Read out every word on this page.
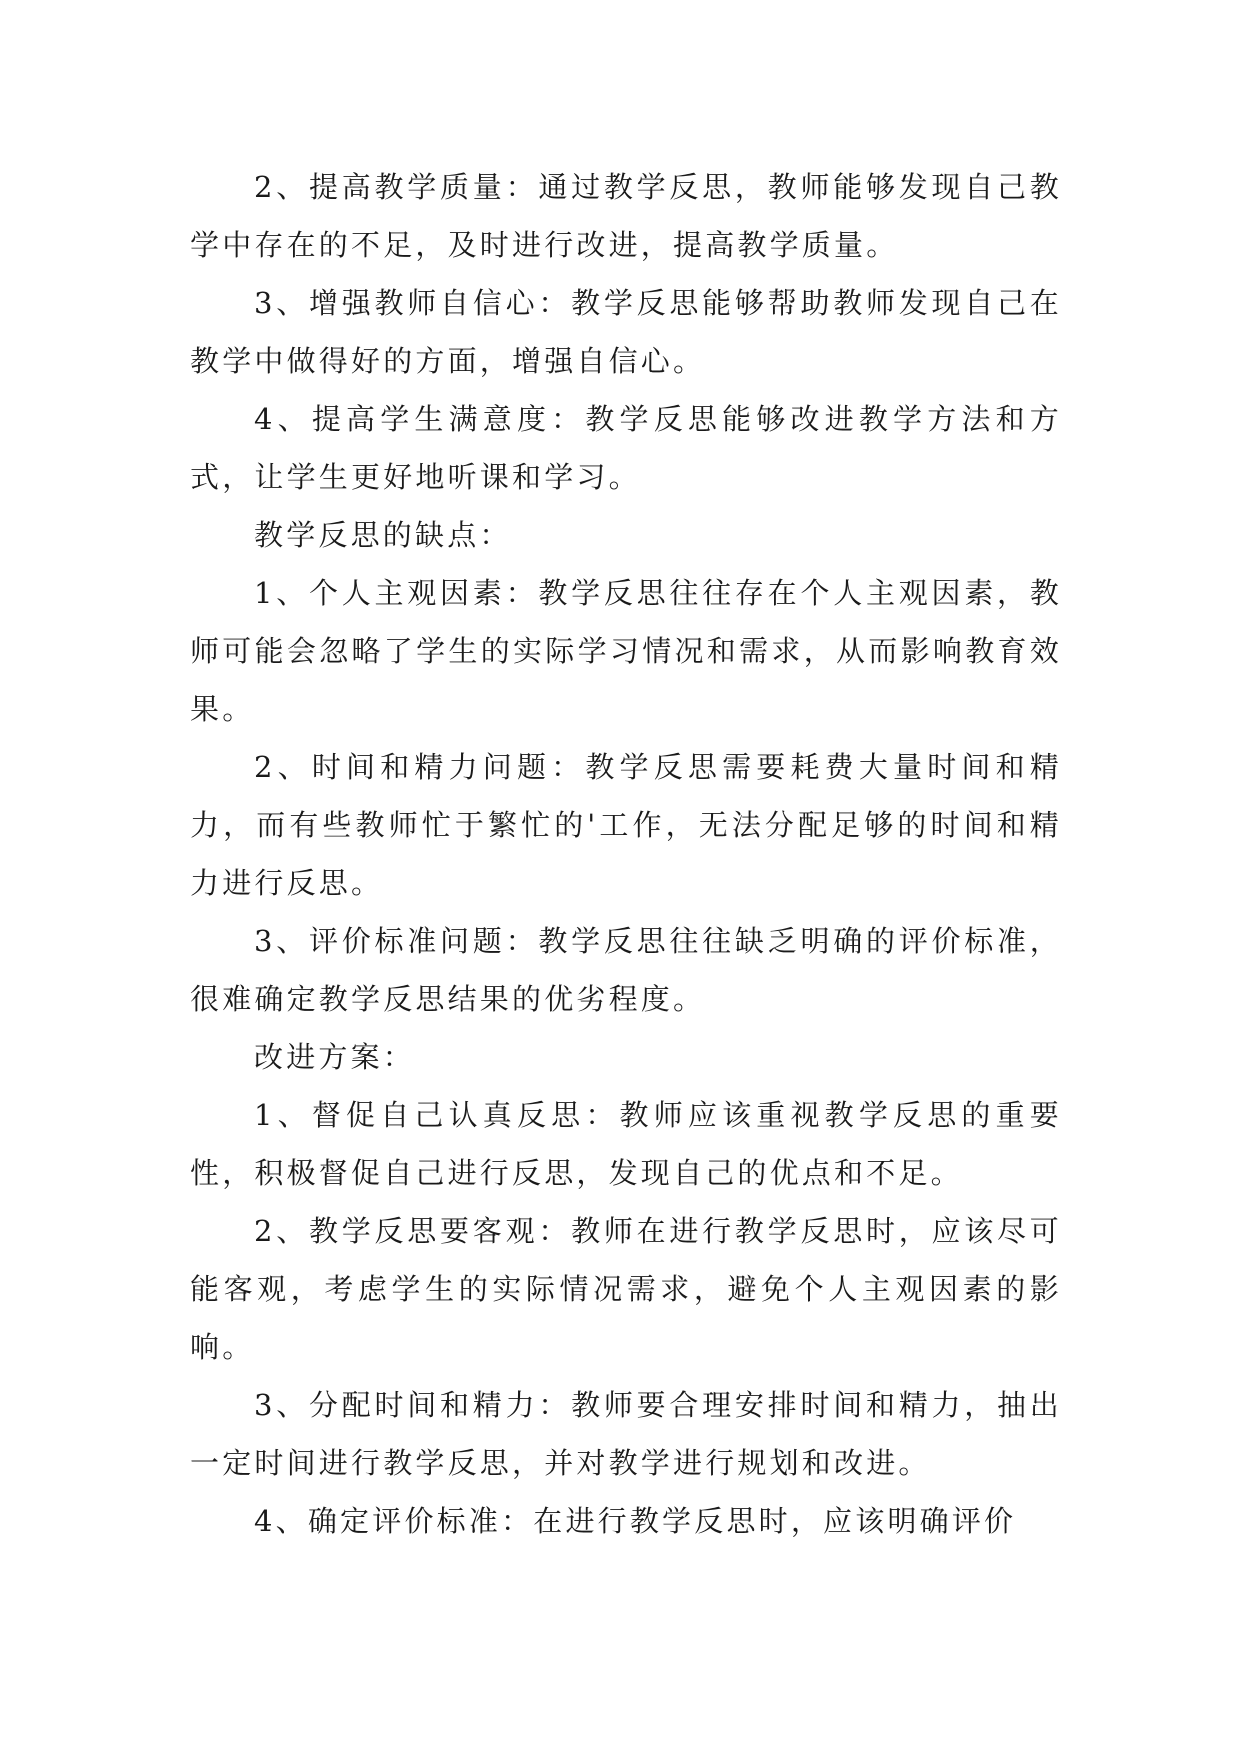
2、提高教学质量：通过教学反思，教师能够发现自己教学中存在的不足，及时进行改进，提高教学质量。

3、增强教师自信心：教学反思能够帮助教师发现自己在教学中做得好的方面，增强自信心。

4、提高学生满意度：教学反思能够改进教学方法和方式，让学生更好地听课和学习。

教学反思的缺点：

1、个人主观因素：教学反思往往存在个人主观因素，教师可能会忽略了学生的实际学习情况和需求，从而影响教育效果。

2、时间和精力问题：教学反思需要耗费大量时间和精力，而有些教师忙于繁忙的'工作，无法分配足够的时间和精力进行反思。

3、评价标准问题：教学反思往往缺乏明确的评价标准，很难确定教学反思结果的优劣程度。

改进方案：

1、督促自己认真反思：教师应该重视教学反思的重要性，积极督促自己进行反思，发现自己的优点和不足。

2、教学反思要客观：教师在进行教学反思时，应该尽可能客观，考虑学生的实际情况需求，避免个人主观因素的影响。

3、分配时间和精力：教师要合理安排时间和精力，抽出一定时间进行教学反思，并对教学进行规划和改进。

4、确定评价标准：在进行教学反思时，应该明确评价
